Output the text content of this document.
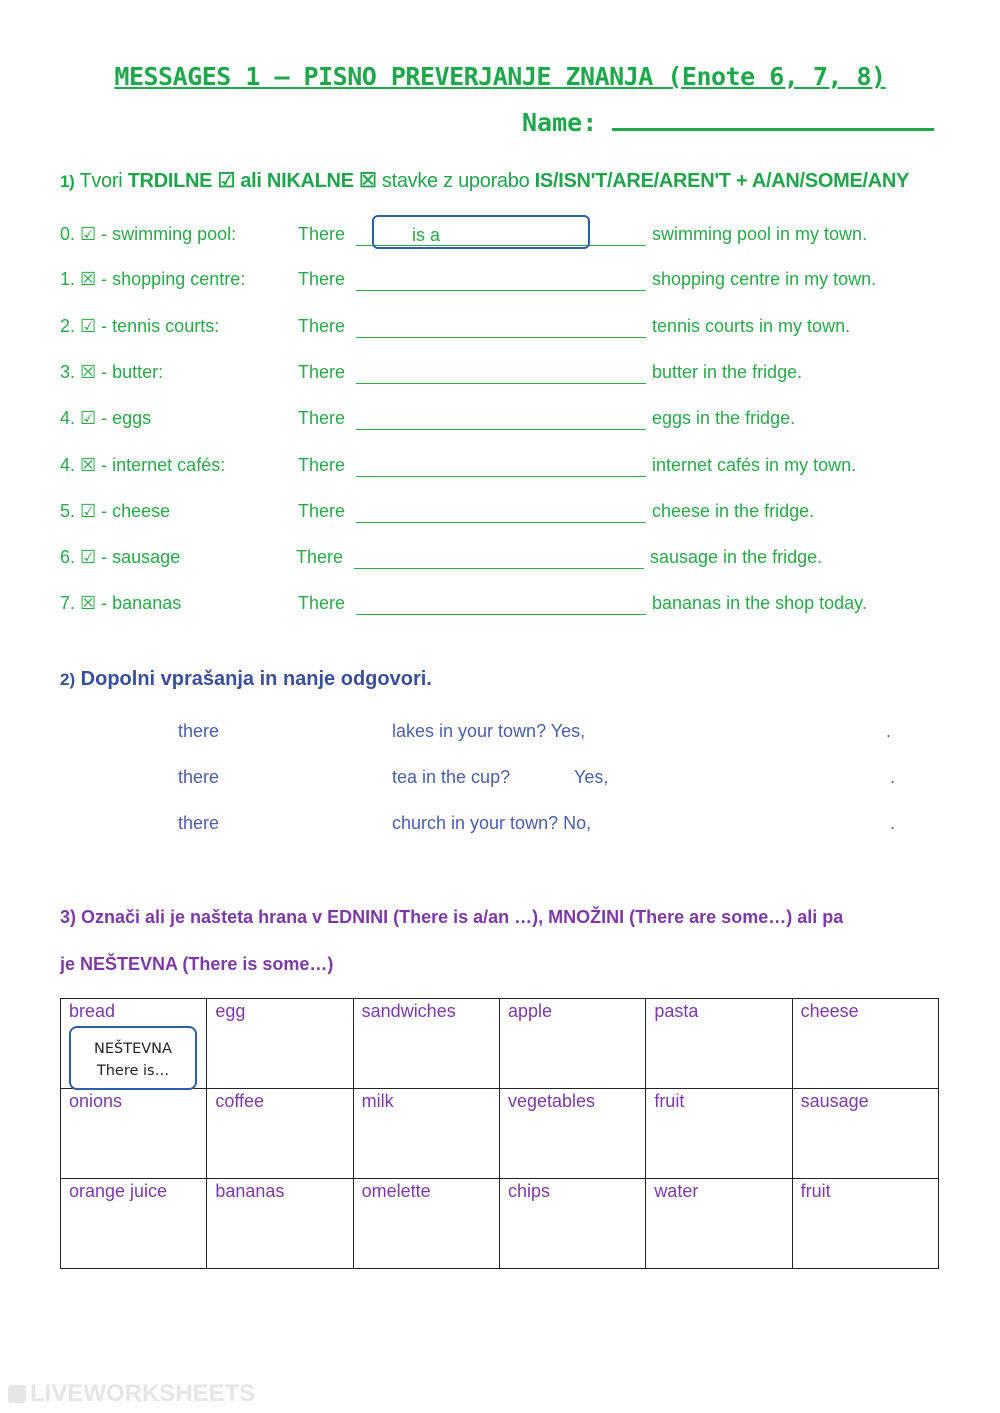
MESSAGES 1 – PISNO PREVERJANJE ZNANJA (Enote 6, 7, 8)
Name:
1) Tvori TRDILNE ☑ ali NIKALNE ☒ stavke z uporabo IS/ISN'T/ARE/AREN'T + A/AN/SOME/ANY
0. ☑ - swimming pool:	There	swimming pool in my town.
is a
1. ☒ - shopping centre:	There	shopping centre in my town.
2. ☑ - tennis courts:	There	tennis courts in my town.
3. ☒ - butter:	There	butter in the fridge.
4. ☑ - eggs	There	eggs in the fridge.
4. ☒ - internet cafés:	There	internet cafés in my town.
5. ☑ - cheese	There	cheese in the fridge.
6. ☑ - sausage	There	sausage in the fridge.
7. ☒ - bananas	There	bananas in the shop today.
2) Dopolni vprašanja in nanje odgovori.
there	lakes in your town? Yes,	.
there	tea in the cup?	Yes,	.
there	church in your town? No,	.
3) Označi ali je naštetа hrana v EDNINI (There is a/an …), MNOŽINI (There are some…) ali pa
je NEŠTEVNA (There is some…)
bread	egg	sandwiches	apple	pasta	cheese
onions	coffee	milk	vegetables	fruit	sausage
orange juice	bananas	omelette	chips	water	fruit
NEŠTEVNA
There is…
LIVEWORKSHEETS
